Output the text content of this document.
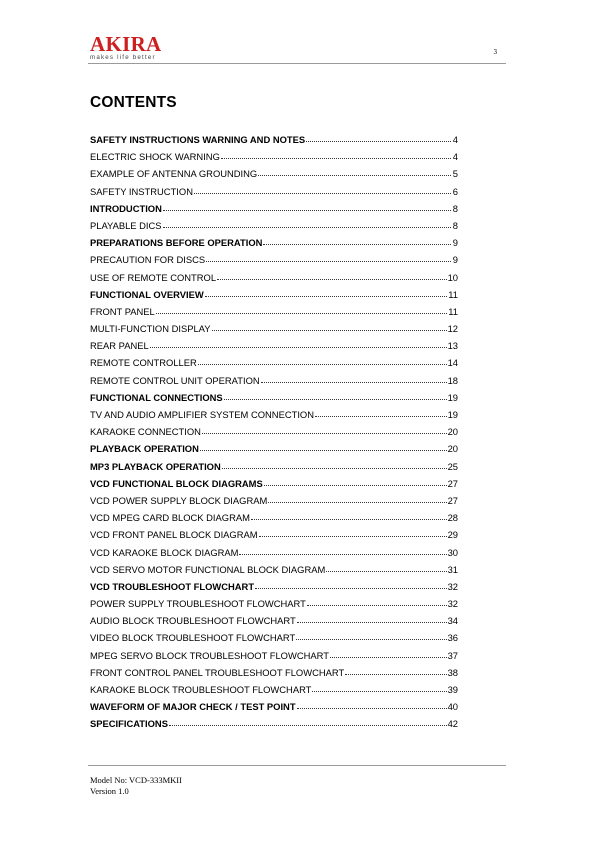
AKIRA
makes life better
3
CONTENTS
SAFETY INSTRUCTIONS WARNING AND NOTES	4
ELECTRIC SHOCK WARNING	4
EXAMPLE OF ANTENNA GROUNDING	5
SAFETY INSTRUCTION	6
INTRODUCTION	8
PLAYABLE DICS	8
PREPARATIONS BEFORE OPERATION	9
PRECAUTION FOR DISCS	9
USE OF REMOTE CONTROL	10
FUNCTIONAL OVERVIEW	11
FRONT PANEL	11
MULTI-FUNCTION DISPLAY	12
REAR PANEL	13
REMOTE CONTROLLER	14
REMOTE CONTROL UNIT OPERATION	18
FUNCTIONAL CONNECTIONS	19
TV AND AUDIO AMPLIFIER SYSTEM CONNECTION	19
KARAOKE CONNECTION	20
PLAYBACK OPERATION	20
MP3 PLAYBACK OPERATION	25
VCD FUNCTIONAL BLOCK DIAGRAMS	27
VCD POWER SUPPLY BLOCK DIAGRAM	27
VCD MPEG CARD BLOCK DIAGRAM	28
VCD FRONT PANEL BLOCK DIAGRAM	29
VCD KARAOKE BLOCK DIAGRAM	30
VCD SERVO MOTOR FUNCTIONAL BLOCK DIAGRAM	31
VCD TROUBLESHOOT FLOWCHART	32
POWER SUPPLY TROUBLESHOOT FLOWCHART	32
AUDIO BLOCK TROUBLESHOOT FLOWCHART	34
VIDEO BLOCK TROUBLESHOOT FLOWCHART	36
MPEG SERVO BLOCK TROUBLESHOOT FLOWCHART	37
FRONT CONTROL PANEL TROUBLESHOOT FLOWCHART	38
KARAOKE BLOCK TROUBLESHOOT FLOWCHART	39
WAVEFORM OF MAJOR CHECK / TEST POINT	40
SPECIFICATIONS	42
Model No: VCD-333MKII
Version 1.0
